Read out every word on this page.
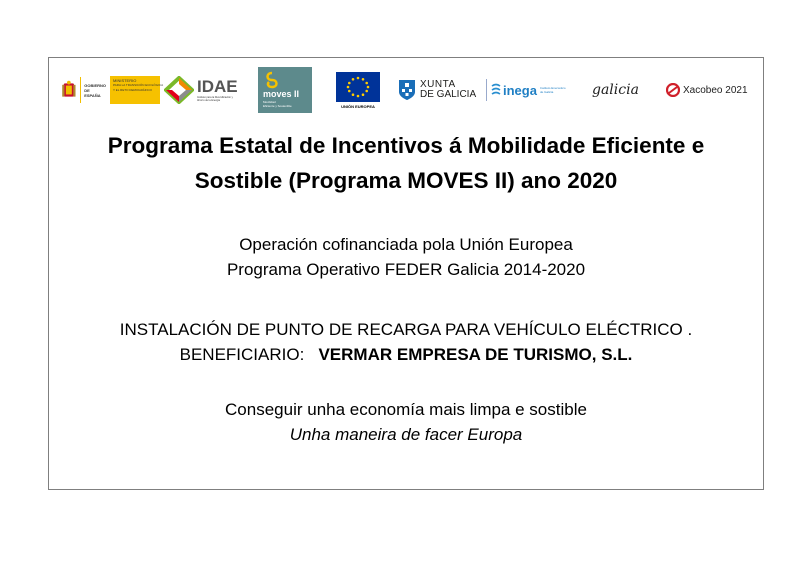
GOBIERNO
DE ESPAÑA
MINISTERIO
PARA LA TRANSICIÓN ECOLÓGICA
Y EL RETO DEMOGRÁFICO	IDAE
Instituto para la Diversificación y Ahorro de la Energía
moves II
Movilidad
Eficiente y Sostenible	UNIÓN EUROPEA
XUNTA
DE GALICIA inega Instituto Enerxético
de Galicia	galicia	Xacobeo 2021
Programa Estatal de Incentivos á Mobilidade Eficiente e
Sostible (Programa MOVES II) ano 2020
Operación cofinanciada pola Unión Europea
Programa Operativo FEDER Galicia 2014-2020
INSTALACIÓN DE PUNTO DE RECARGA PARA VEHÍCULO ELÉCTRICO .
BENEFICIARIO: VERMAR EMPRESA DE TURISMO, S.L.
Conseguir unha economía mais limpa e sostible
Unha maneira de facer Europa
